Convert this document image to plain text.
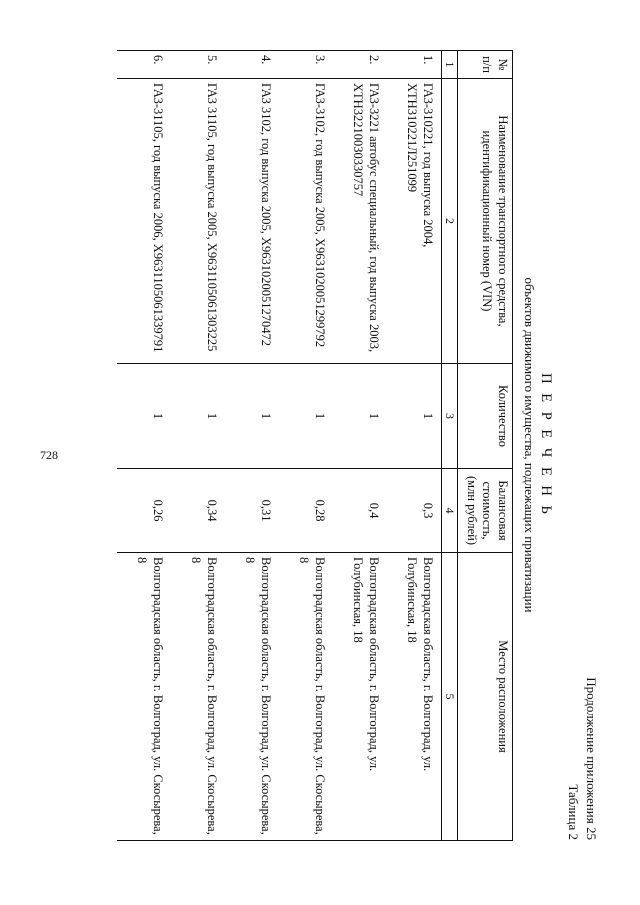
728
Продолжение приложения 25
Таблица 2
П Е Р Е Ч Е Н Ь
объектов движимого имущества, подлежащих приватизации
№ п/п	Наименование транспортного средства, идентификационный номер (VIN)	Количество	Балансовая стоимость, (млн рублей)	Место расположения
1	2	3	4	5
1.	ГАЗ-310221, год выпуска 2004, ХТН310221Л251099	1	0,3	Волгоградская область, г. Волгоград, ул. Голубинская, 18
2.	ГАЗ-3221 автобус специальный, год выпуска 2003, ХТН322100З0330757	1	0,4	Волгоградская область, г. Волгоград, ул. Голубинская, 18
3.	ГАЗ-3102, год выпуска 2005, Х9631020051299792	1	0,28	Волгоградская область, г. Волгоград, ул. Скосырева, 8
4.	ГАЗ 3102, год выпуска 2005, Х9631020051270472	1	0,31	Волгоградская область, г. Волгоград, ул. Скосырева, 8
5.	ГАЗ 31105, год выпуска 2005, Х9631105061303225	1	0,34	Волгоградская область, г. Волгоград, ул. Скосырева, 8
6.	ГАЗ-31105, год выпуска 2006, Х9631105061339791	1	0,26	Волгоградская область, г. Волгоград, ул. Скосырева, 8
